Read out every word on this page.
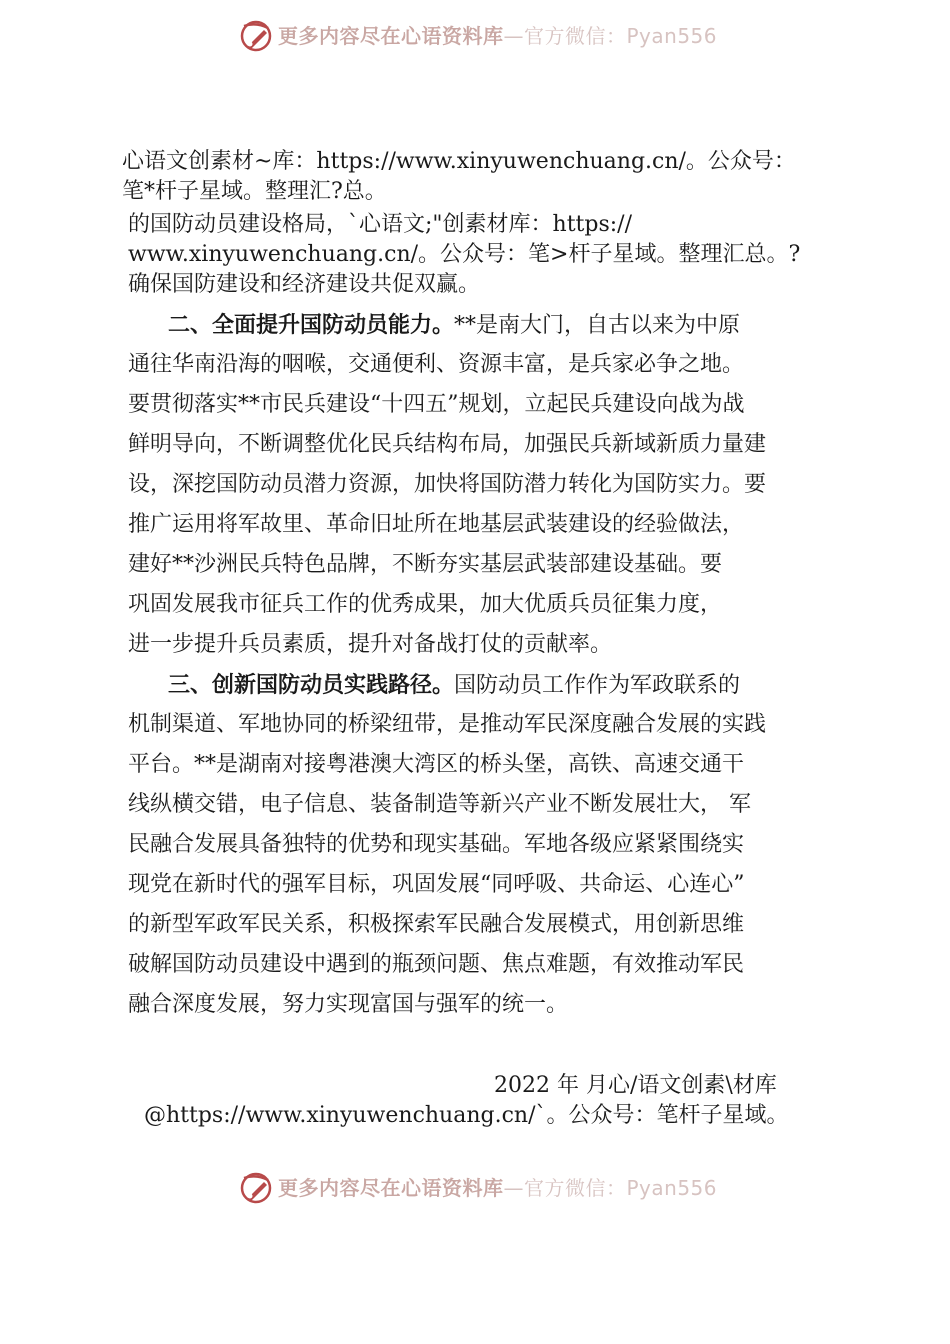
更多内容尽在心语资料库—官方微信：Pyan556
心语文创素材~库：https://www.xinyuwenchuang.cn/。公众号：
笔*杆子星域。整理汇?总。
的国防动员建设格局，`心语文;"创素材库：https://
www.xinyuwenchuang.cn/。公众号：笔>杆子星域。整理汇总。?
确保国防建设和经济建设共促双赢。
二、全面提升国防动员能力。**是南大门，自古以来为中原
通往华南沿海的咽喉，交通便利、资源丰富，是兵家必争之地。
要贯彻落实**市民兵建设“十四五”规划，立起民兵建设向战为战
鲜明导向，不断调整优化民兵结构布局，加强民兵新域新质力量建
设，深挖国防动员潜力资源，加快将国防潜力转化为国防实力。要
推广运用将军故里、革命旧址所在地基层武装建设的经验做法，
建好**沙洲民兵特色品牌，不断夯实基层武装部建设基础。要
巩固发展我市征兵工作的优秀成果，加大优质兵员征集力度，
进一步提升兵员素质，提升对备战打仗的贡献率。
三、创新国防动员实践路径。国防动员工作作为军政联系的
机制渠道、军地协同的桥梁纽带，是推动军民深度融合发展的实践
平台。**是湖南对接粤港澳大湾区的桥头堡，高铁、高速交通干
线纵横交错，电子信息、装备制造等新兴产业不断发展壮大， 军
民融合发展具备独特的优势和现实基础。军地各级应紧紧围绕实
现党在新时代的强军目标，巩固发展“同呼吸、共命运、心连心”
的新型军政军民关系，积极探索军民融合发展模式，用创新思维
破解国防动员建设中遇到的瓶颈问题、焦点难题，有效推动军民
融合深度发展，努力实现富国与强军的统一。
2022 年 月心/语文创素\材库
@https://www.xinyuwenchuang.cn/`。公众号：笔杆子星域。
更多内容尽在心语资料库—官方微信：Pyan556
